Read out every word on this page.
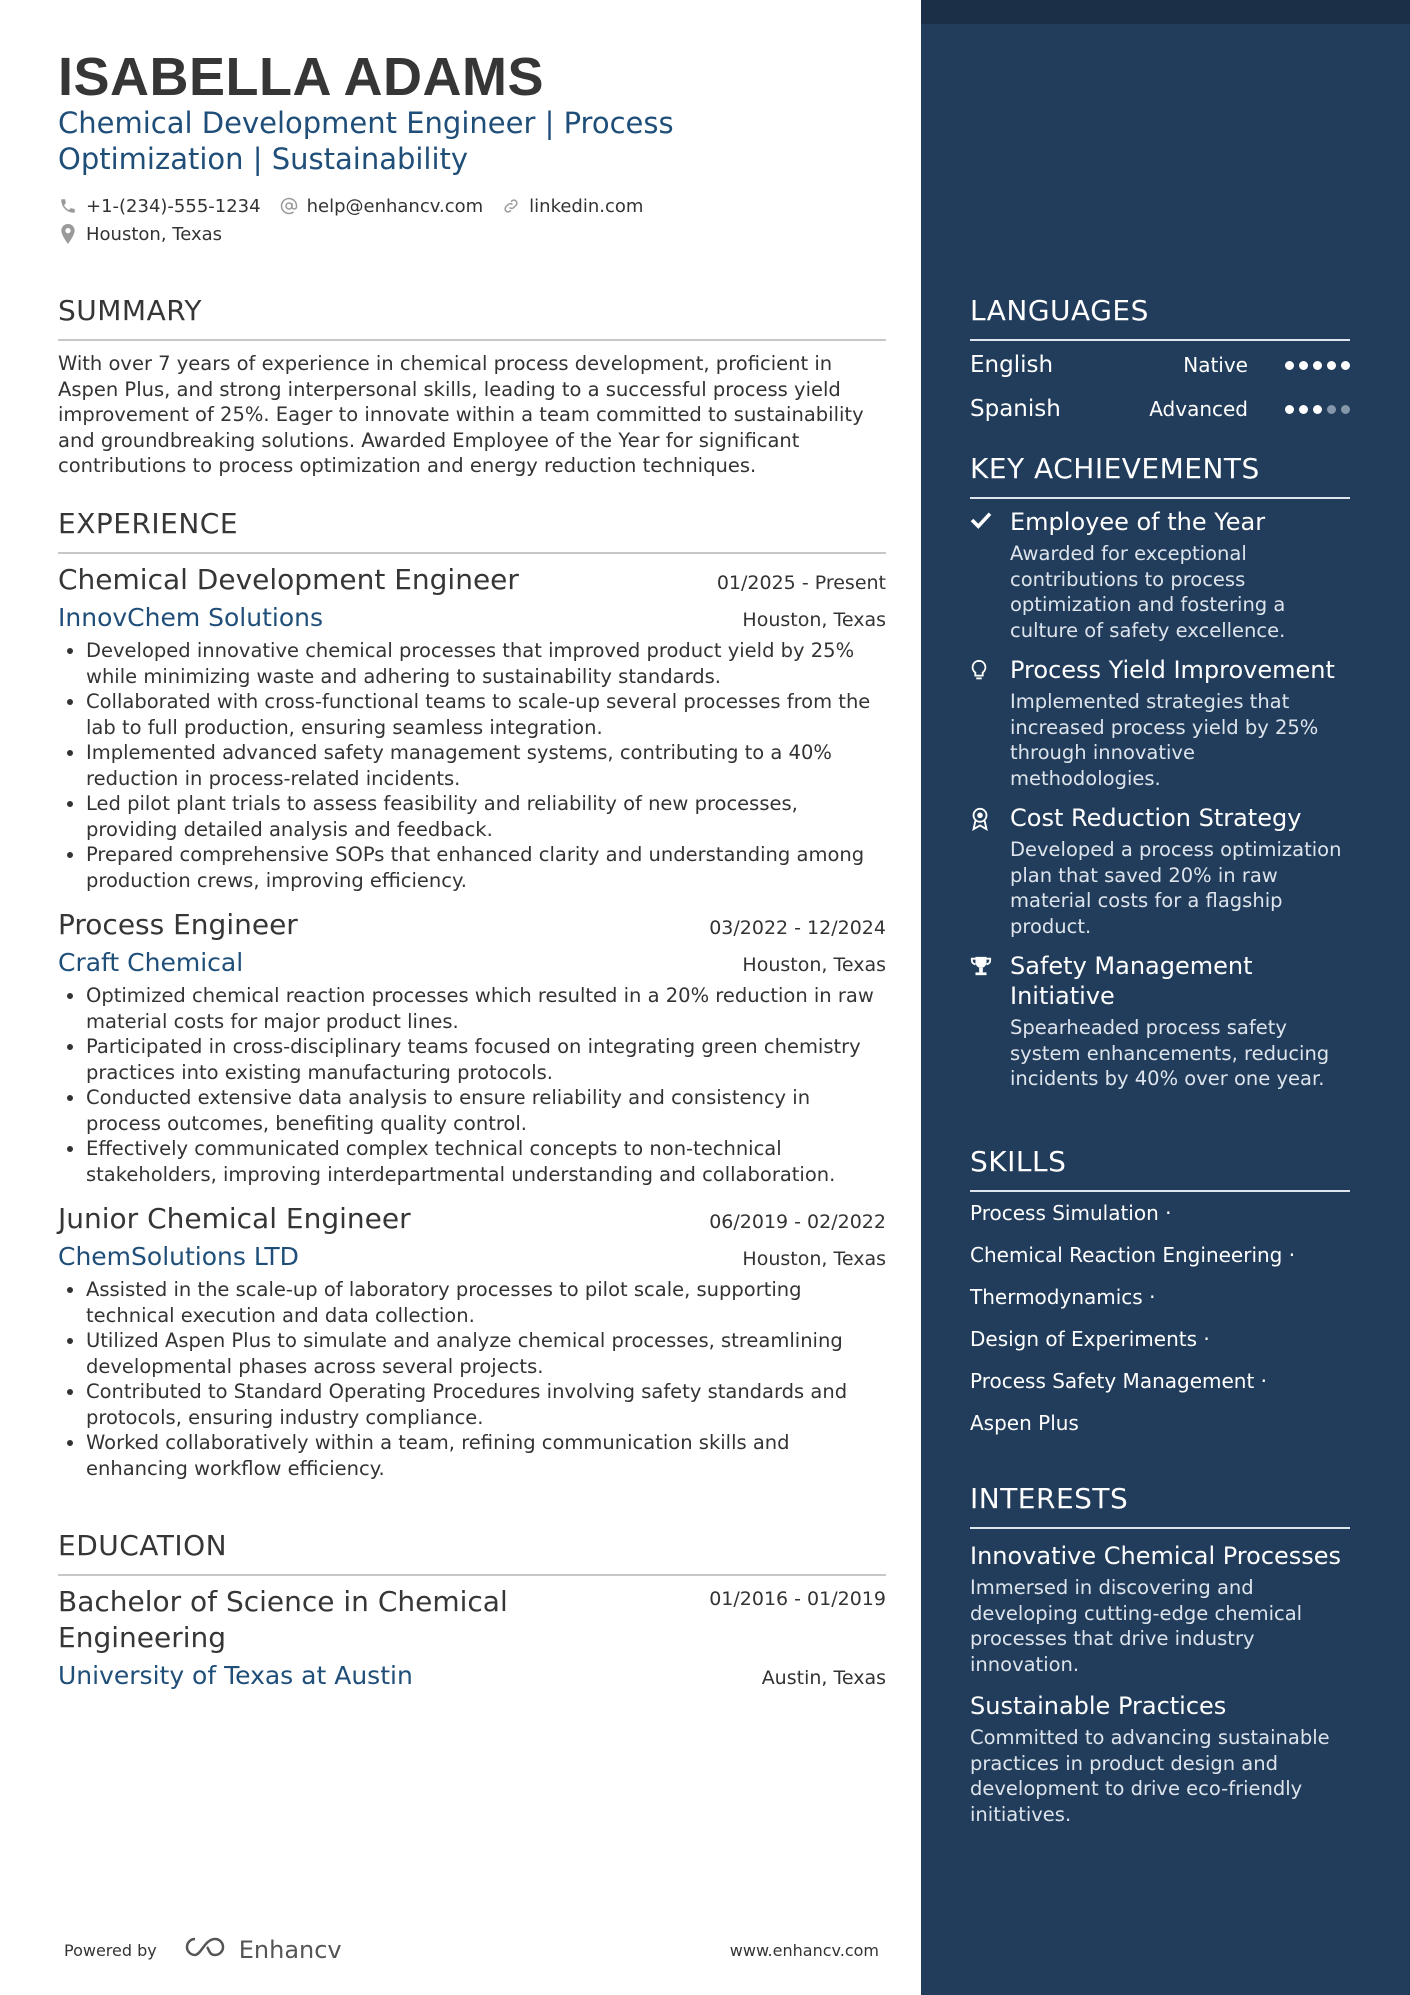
ISABELLA ADAMS
Chemical Development Engineer | Process Optimization | Sustainability
+1-(234)-555-1234	help@enhancv.com	linkedin.com
Houston, Texas
SUMMARY

With over 7 years of experience in chemical process development, proficient in Aspen Plus, and strong interpersonal skills, leading to a successful process yield improvement of 25%. Eager to innovate within a team committed to sustainability and groundbreaking solutions. Awarded Employee of the Year for significant contributions to process optimization and energy reduction techniques.

EXPERIENCE
Chemical Development Engineer	01/2025 - Present
InnovChem Solutions	Houston, Texas
• Developed innovative chemical processes that improved product yield by 25% while minimizing waste and adhering to sustainability standards.
• Collaborated with cross-functional teams to scale-up several processes from the lab to full production, ensuring seamless integration.
• Implemented advanced safety management systems, contributing to a 40% reduction in process-related incidents.
• Led pilot plant trials to assess feasibility and reliability of new processes, providing detailed analysis and feedback.
• Prepared comprehensive SOPs that enhanced clarity and understanding among production crews, improving efficiency.
Process Engineer	03/2022 - 12/2024
Craft Chemical	Houston, Texas
• Optimized chemical reaction processes which resulted in a 20% reduction in raw material costs for major product lines.
• Participated in cross-disciplinary teams focused on integrating green chemistry practices into existing manufacturing protocols.
• Conducted extensive data analysis to ensure reliability and consistency in process outcomes, benefiting quality control.
• Effectively communicated complex technical concepts to non-technical stakeholders, improving interdepartmental understanding and collaboration.
Junior Chemical Engineer	06/2019 - 02/2022
ChemSolutions LTD	Houston, Texas
• Assisted in the scale-up of laboratory processes to pilot scale, supporting technical execution and data collection.
• Utilized Aspen Plus to simulate and analyze chemical processes, streamlining developmental phases across several projects.
• Contributed to Standard Operating Procedures involving safety standards and protocols, ensuring industry compliance.
• Worked collaboratively within a team, refining communication skills and enhancing workflow efficiency.
EDUCATION
Bachelor of Science in Chemical Engineering
01/2016 - 01/2019
University of Texas at Austin	Austin, Texas
LANGUAGES
English	Native
Spanish	Advanced
KEY ACHIEVEMENTS
Employee of the Year
Awarded for exceptional contributions to process optimization and fostering a culture of safety excellence.
Process Yield Improvement
Implemented strategies that increased process yield by 25% through innovative methodologies.
Cost Reduction Strategy
Developed a process optimization plan that saved 20% in raw material costs for a flagship product.
Safety Management Initiative
Spearheaded process safety system enhancements, reducing incidents by 40% over one year.
SKILLS
Process Simulation ·
Chemical Reaction Engineering ·
Thermodynamics ·
Design of Experiments ·
Process Safety Management ·
Aspen Plus
INTERESTS
Innovative Chemical Processes
Immersed in discovering and developing cutting-edge chemical processes that drive industry innovation.
Sustainable Practices
Committed to advancing sustainable practices in product design and development to drive eco-friendly initiatives.
Powered by	Enhancv	www.enhancv.com
